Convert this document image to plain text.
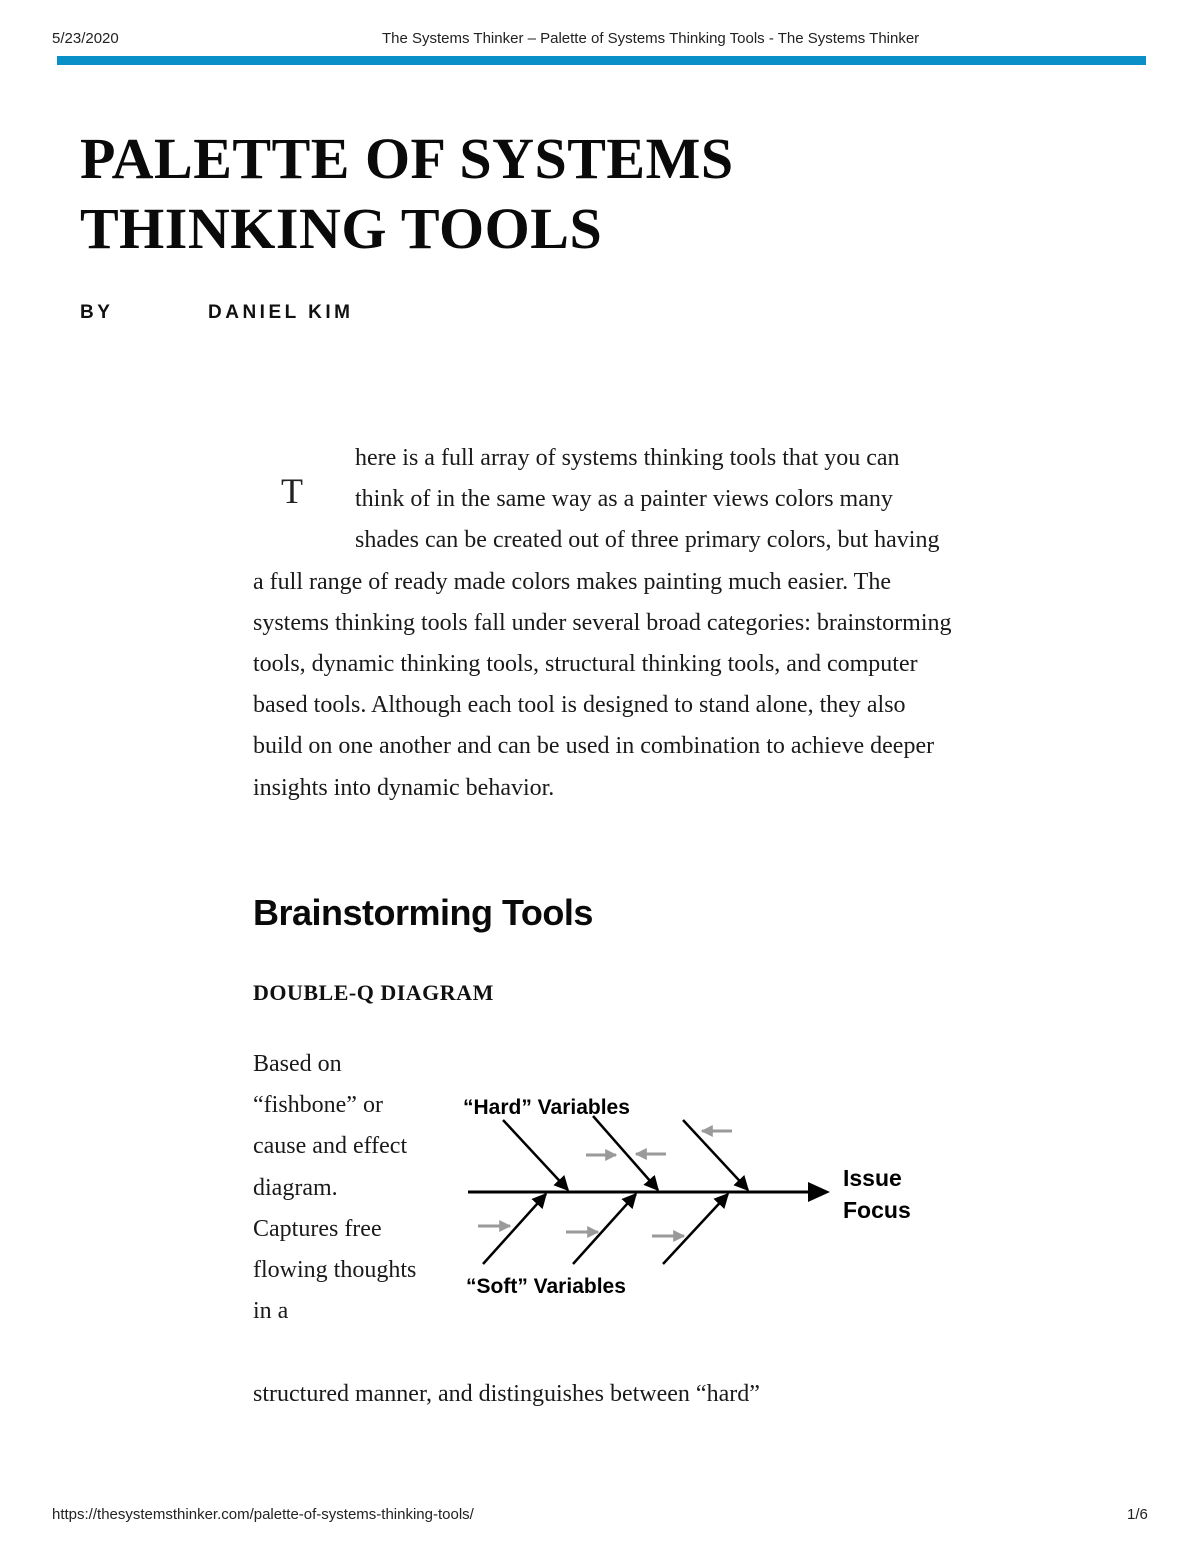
5/23/2020	The Systems Thinker – Palette of Systems Thinking Tools - The Systems Thinker
PALETTE OF SYSTEMS THINKING TOOLS
BY	DANIEL KIM
T

here is a full array of systems thinking tools that you can think of in the same way as a painter views colors many shades can be created out of three primary colors, but having a full range of ready made colors makes painting much easier. The systems thinking tools fall under several broad categories: brainstorming tools, dynamic thinking tools, structural thinking tools, and computer based tools. Although each tool is designed to stand alone, they also build on one another and can be used in combination to achieve deeper insights into dynamic behavior.

Brainstorming Tools
DOUBLE-Q DIAGRAM

Based on “fishbone” or cause and effect diagram. Captures free flowing thoughts in a

“Hard” Variables
“Soft” Variables
Issue
Focus

structured manner, and distinguishes between “hard”

https://thesystemsthinker.com/palette-of-systems-thinking-tools/	1/6
